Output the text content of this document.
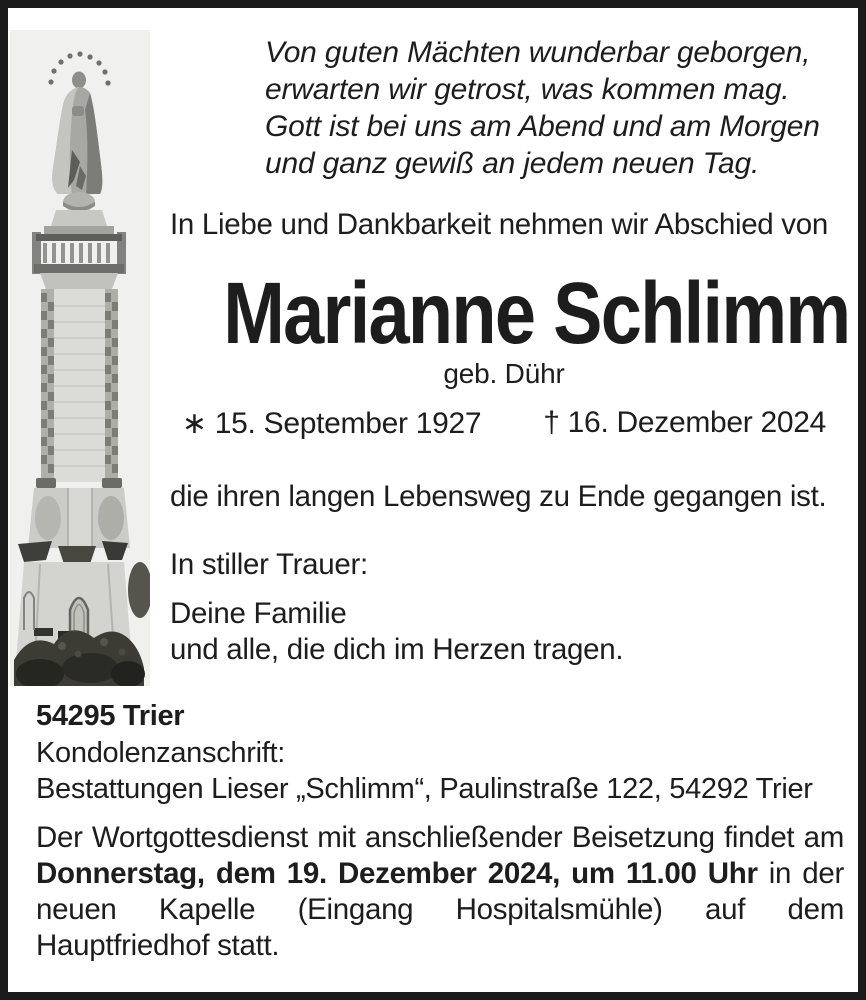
Von guten Mächten wunderbar geborgen,
erwarten wir getrost, was kommen mag.
Gott ist bei uns am Abend und am Morgen
und ganz gewiß an jedem neuen Tag.
In Liebe und Dankbarkeit nehmen wir Abschied von
Marianne Schlimm
geb. Dühr
∗ 15. September 1927 † 16. Dezember 2024
die ihren langen Lebensweg zu Ende gegangen ist.
In stiller Trauer:
Deine Familie
und alle, die dich im Herzen tragen.
54295 Trier
Kondolenzanschrift:
Bestattungen Lieser „Schlimm“, Paulinstraße 122, 54292 Trier

Der Wortgottesdienst mit anschließender Beisetzung findet am Donnerstag, dem 19. Dezember 2024, um 11.00 Uhr in der neuen Kapelle (Eingang Hospitalsmühle) auf dem Hauptfriedhof statt.
